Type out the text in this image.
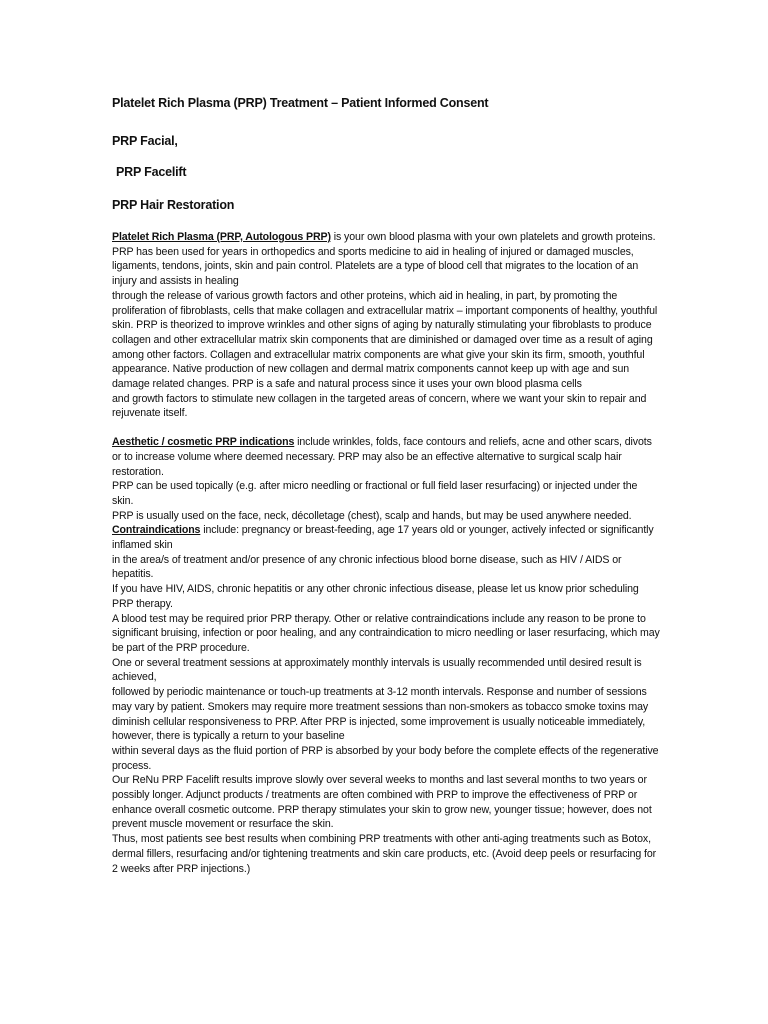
Platelet Rich Plasma (PRP) Treatment – Patient Informed Consent
PRP Facial,
PRP Facelift
PRP Hair Restoration

Platelet Rich Plasma (PRP, Autologous PRP) is your own blood plasma with your own platelets and growth proteins.

PRP has been used for years in orthopedics and sports medicine to aid in healing of injured or damaged muscles, ligaments, tendons, joints, skin and pain control. Platelets are a type of blood cell that migrates to the location of an injury and assists in healing

through the release of various growth factors and other proteins, which aid in healing, in part, by promoting the proliferation of fibroblasts, cells that make collagen and extracellular matrix – important components of healthy, youthful skin. PRP is theorized to improve wrinkles and other signs of aging by naturally stimulating your fibroblasts to produce collagen and other extracellular matrix skin components that are diminished or damaged over time as a result of aging among other factors. Collagen and extracellular matrix components are what give your skin its firm, smooth, youthful appearance. Native production of new collagen and dermal matrix components cannot keep up with age and sun damage related changes. PRP is a safe and natural process since it uses your own blood plasma cells

and growth factors to stimulate new collagen in the targeted areas of concern, where we want your skin to repair and rejuvenate itself.

Aesthetic / cosmetic PRP indications include wrinkles, folds, face contours and reliefs, acne and other scars, divots or to increase volume where deemed necessary. PRP may also be an effective alternative to surgical scalp hair restoration.

PRP can be used topically (e.g. after micro needling or fractional or full field laser resurfacing) or injected under the skin.

PRP is usually used on the face, neck, décolletage (chest), scalp and hands, but may be used anywhere needed.

Contraindications include: pregnancy or breast-feeding, age 17 years old or younger, actively infected or significantly inflamed skin

in the area/s of treatment and/or presence of any chronic infectious blood borne disease, such as HIV / AIDS or hepatitis.

If you have HIV, AIDS, chronic hepatitis or any other chronic infectious disease, please let us know prior scheduling PRP therapy.

A blood test may be required prior PRP therapy. Other or relative contraindications include any reason to be prone to significant bruising, infection or poor healing, and any contraindication to micro needling or laser resurfacing, which may be part of the PRP procedure.

One or several treatment sessions at approximately monthly intervals is usually recommended until desired result is achieved,

followed by periodic maintenance or touch-up treatments at 3-12 month intervals. Response and number of sessions may vary by patient. Smokers may require more treatment sessions than non-smokers as tobacco smoke toxins may diminish cellular responsiveness to PRP. After PRP is injected, some improvement is usually noticeable immediately, however, there is typically a return to your baseline

within several days as the fluid portion of PRP is absorbed by your body before the complete effects of the regenerative process.

Our ReNu PRP Facelift results improve slowly over several weeks to months and last several months to two years or possibly longer. Adjunct products / treatments are often combined with PRP to improve the effectiveness of PRP or enhance overall cosmetic outcome. PRP therapy stimulates your skin to grow new, younger tissue; however, does not prevent muscle movement or resurface the skin.

Thus, most patients see best results when combining PRP treatments with other anti-aging treatments such as Botox, dermal fillers, resurfacing and/or tightening treatments and skin care products, etc. (Avoid deep peels or resurfacing for 2 weeks after PRP injections.)
